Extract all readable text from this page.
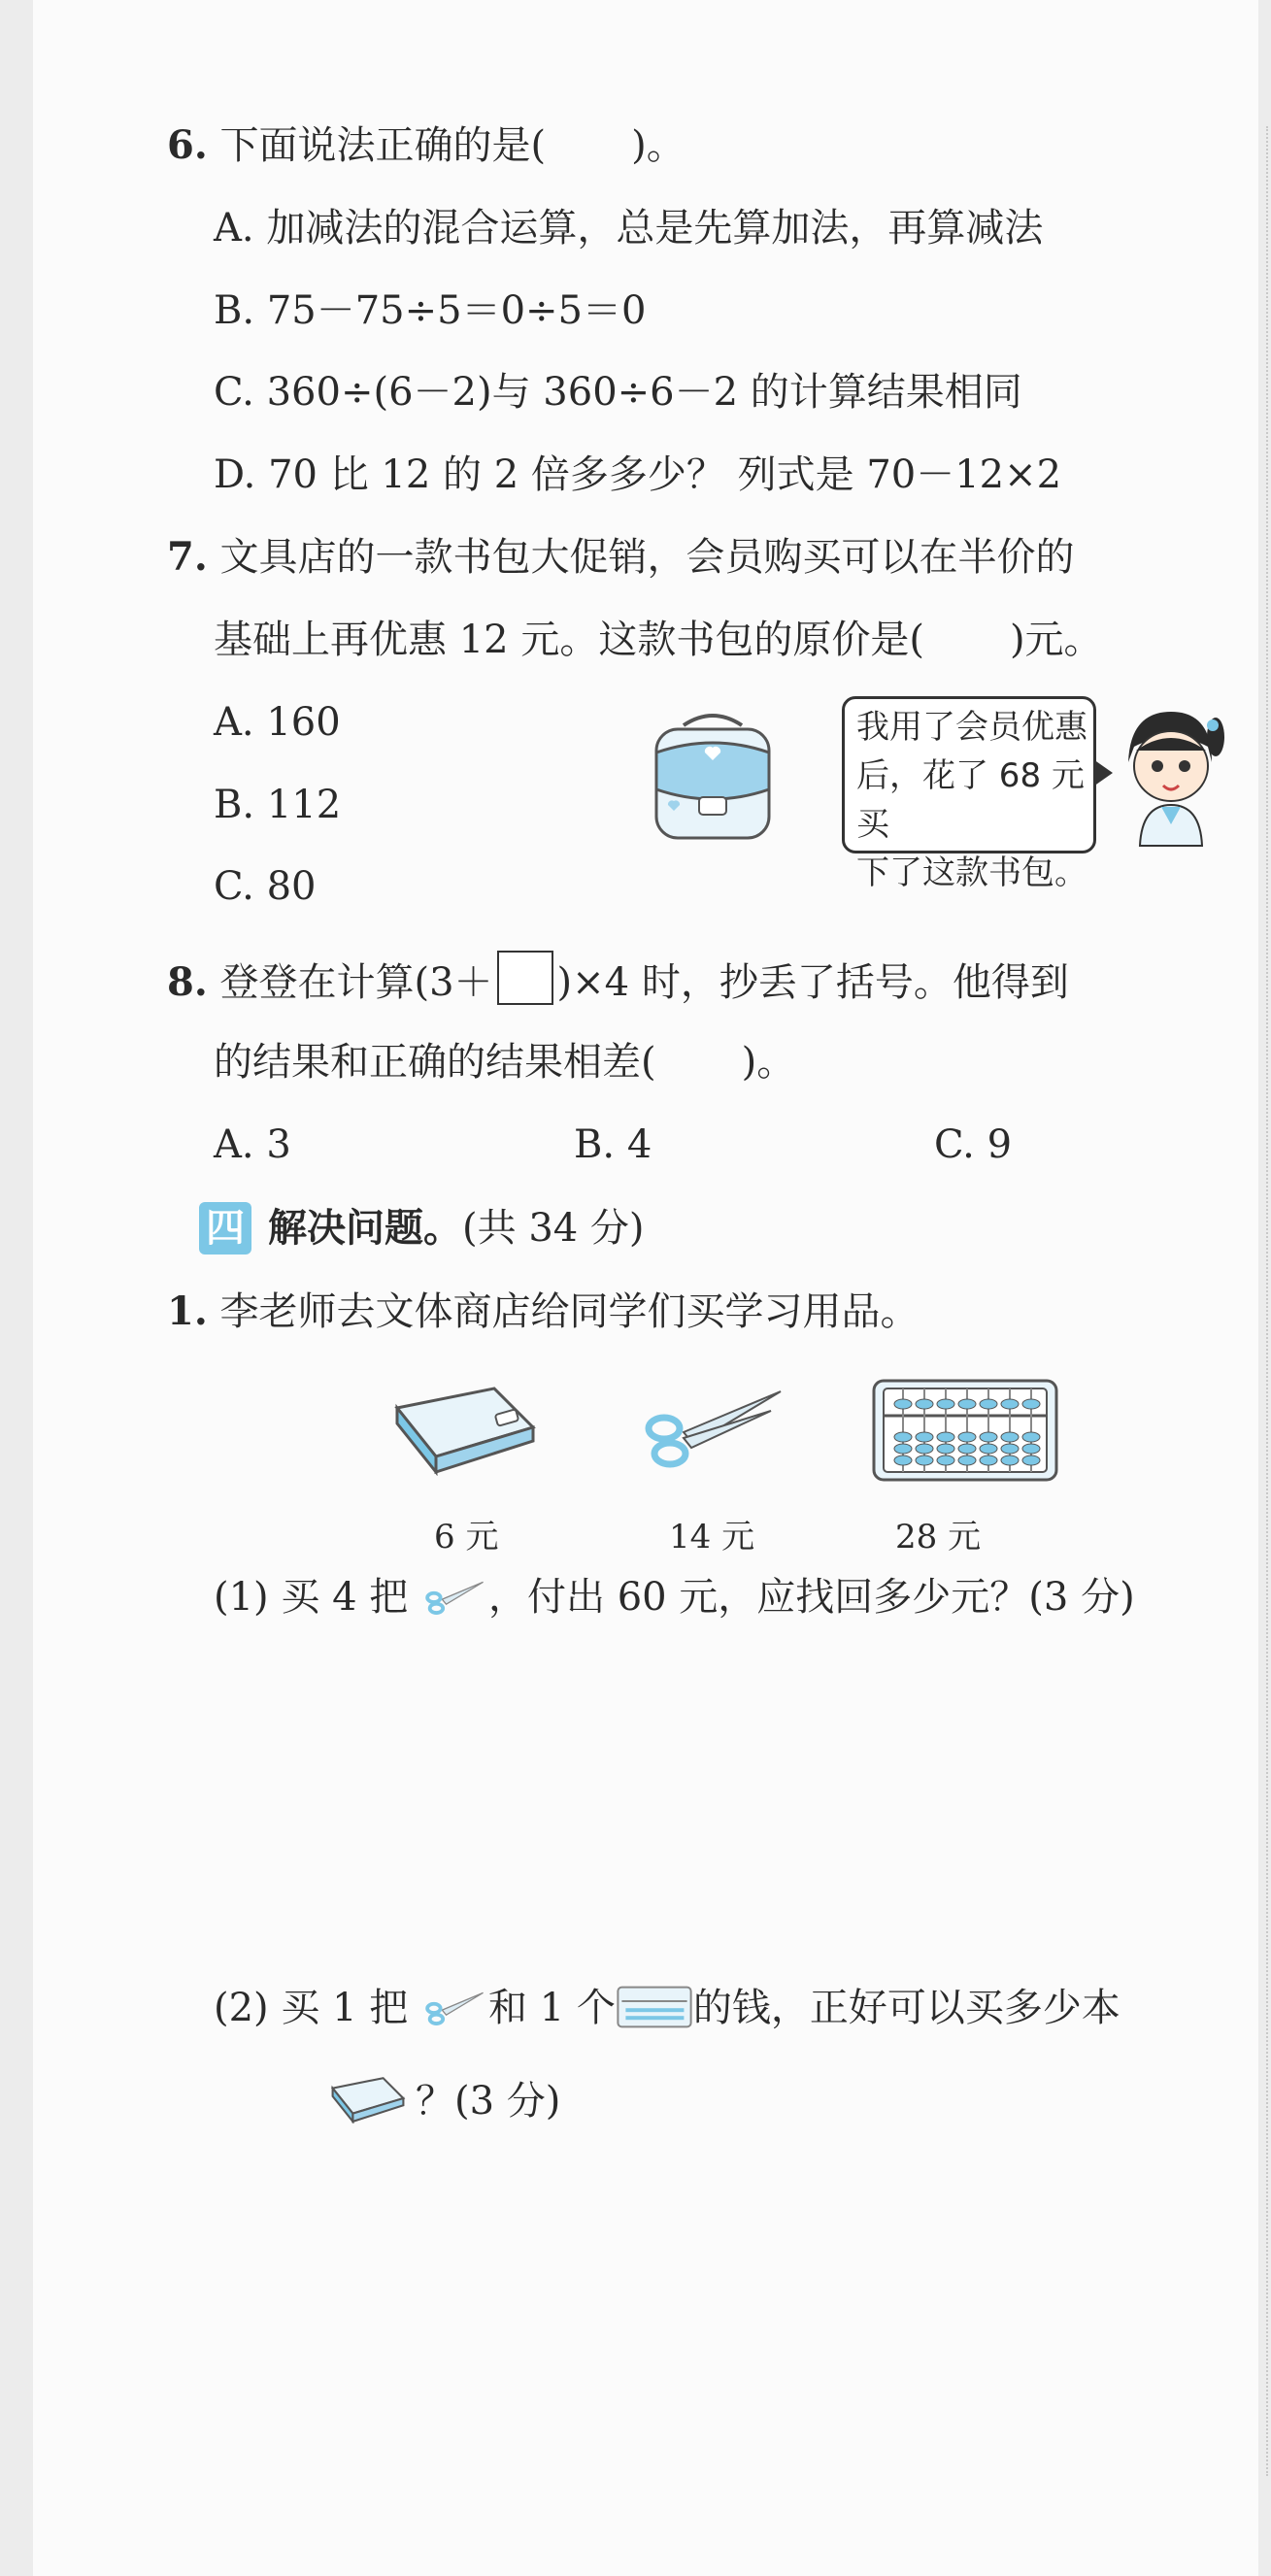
6. 下面说法正确的是( )。
A. 加减法的混合运算，总是先算加法，再算减法
B. 75－75÷5＝0÷5＝0
C. 360÷(6－2)与 360÷6－2 的计算结果相同
D. 70 比 12 的 2 倍多多少？ 列式是 70－12×2
7. 文具店的一款书包大促销，会员购买可以在半价的
基础上再优惠 12 元。这款书包的原价是( )元。
A. 160
B. 112
C. 80
我用了会员优惠
后，花了 68 元买
下了这款书包。
8. 登登在计算(3＋ )×4 时，抄丢了括号。他得到
的结果和正确的结果相差( )。
A. 3	B. 4	C. 9
四 解决问题。(共 34 分)
1. 李老师去文体商店给同学们买学习用品。
6 元	14 元	28 元
(1) 买 4 把 ，付出 60 元，应找回多少元？(3 分)
(2) 买 1 把 和 1 个 的钱，正好可以买多少本
？(3 分)
